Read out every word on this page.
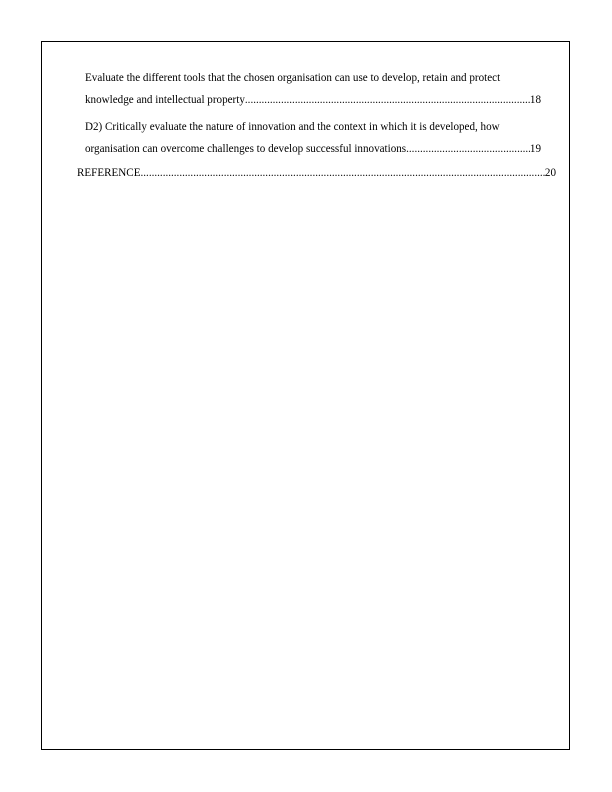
Evaluate the different tools that the chosen organisation can use to develop, retain and protect
knowledge and intellectual property .....	18
D2) Critically evaluate the nature of innovation and the context in which it is developed, how
organisation can overcome challenges to develop successful innovations .....	19
REFERENCE .....	20
